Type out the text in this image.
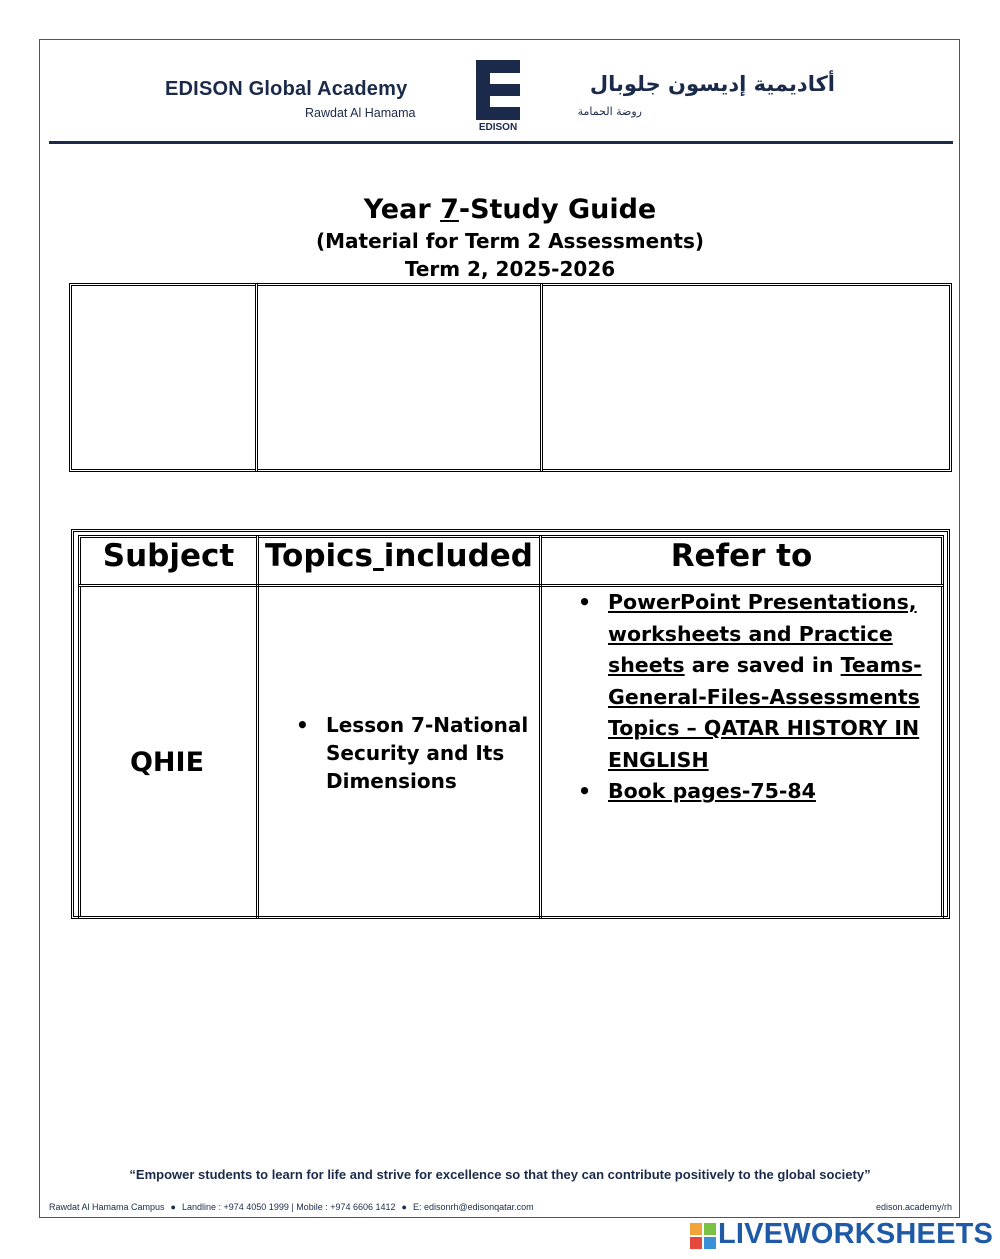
EDISON Global Academy
Rawdat Al Hamama
EDISON
أكاديمية إديسون جلوبال
روضة الحمامة
Year 7-Study Guide
(Material for Term 2 Assessments)
Term 2, 2025-2026
Subject Topics included	Refer to
QHIE
• Lesson 7-National Security and Its Dimensions
• PowerPoint Presentations, worksheets and Practice sheets are saved in Teams-General-Files-Assessments Topics – QATAR HISTORY IN ENGLISH
• Book pages-75-84
“Empower students to learn for life and strive for excellence so that they can contribute positively to the global society”
Rawdat Al Hamama Campus ● Landline : +974 4050 1999 | Mobile : +974 6606 1412 ● E: edisonrh@edisonqatar.com	edison.academy/rh
LIVEWORKSHEETS
